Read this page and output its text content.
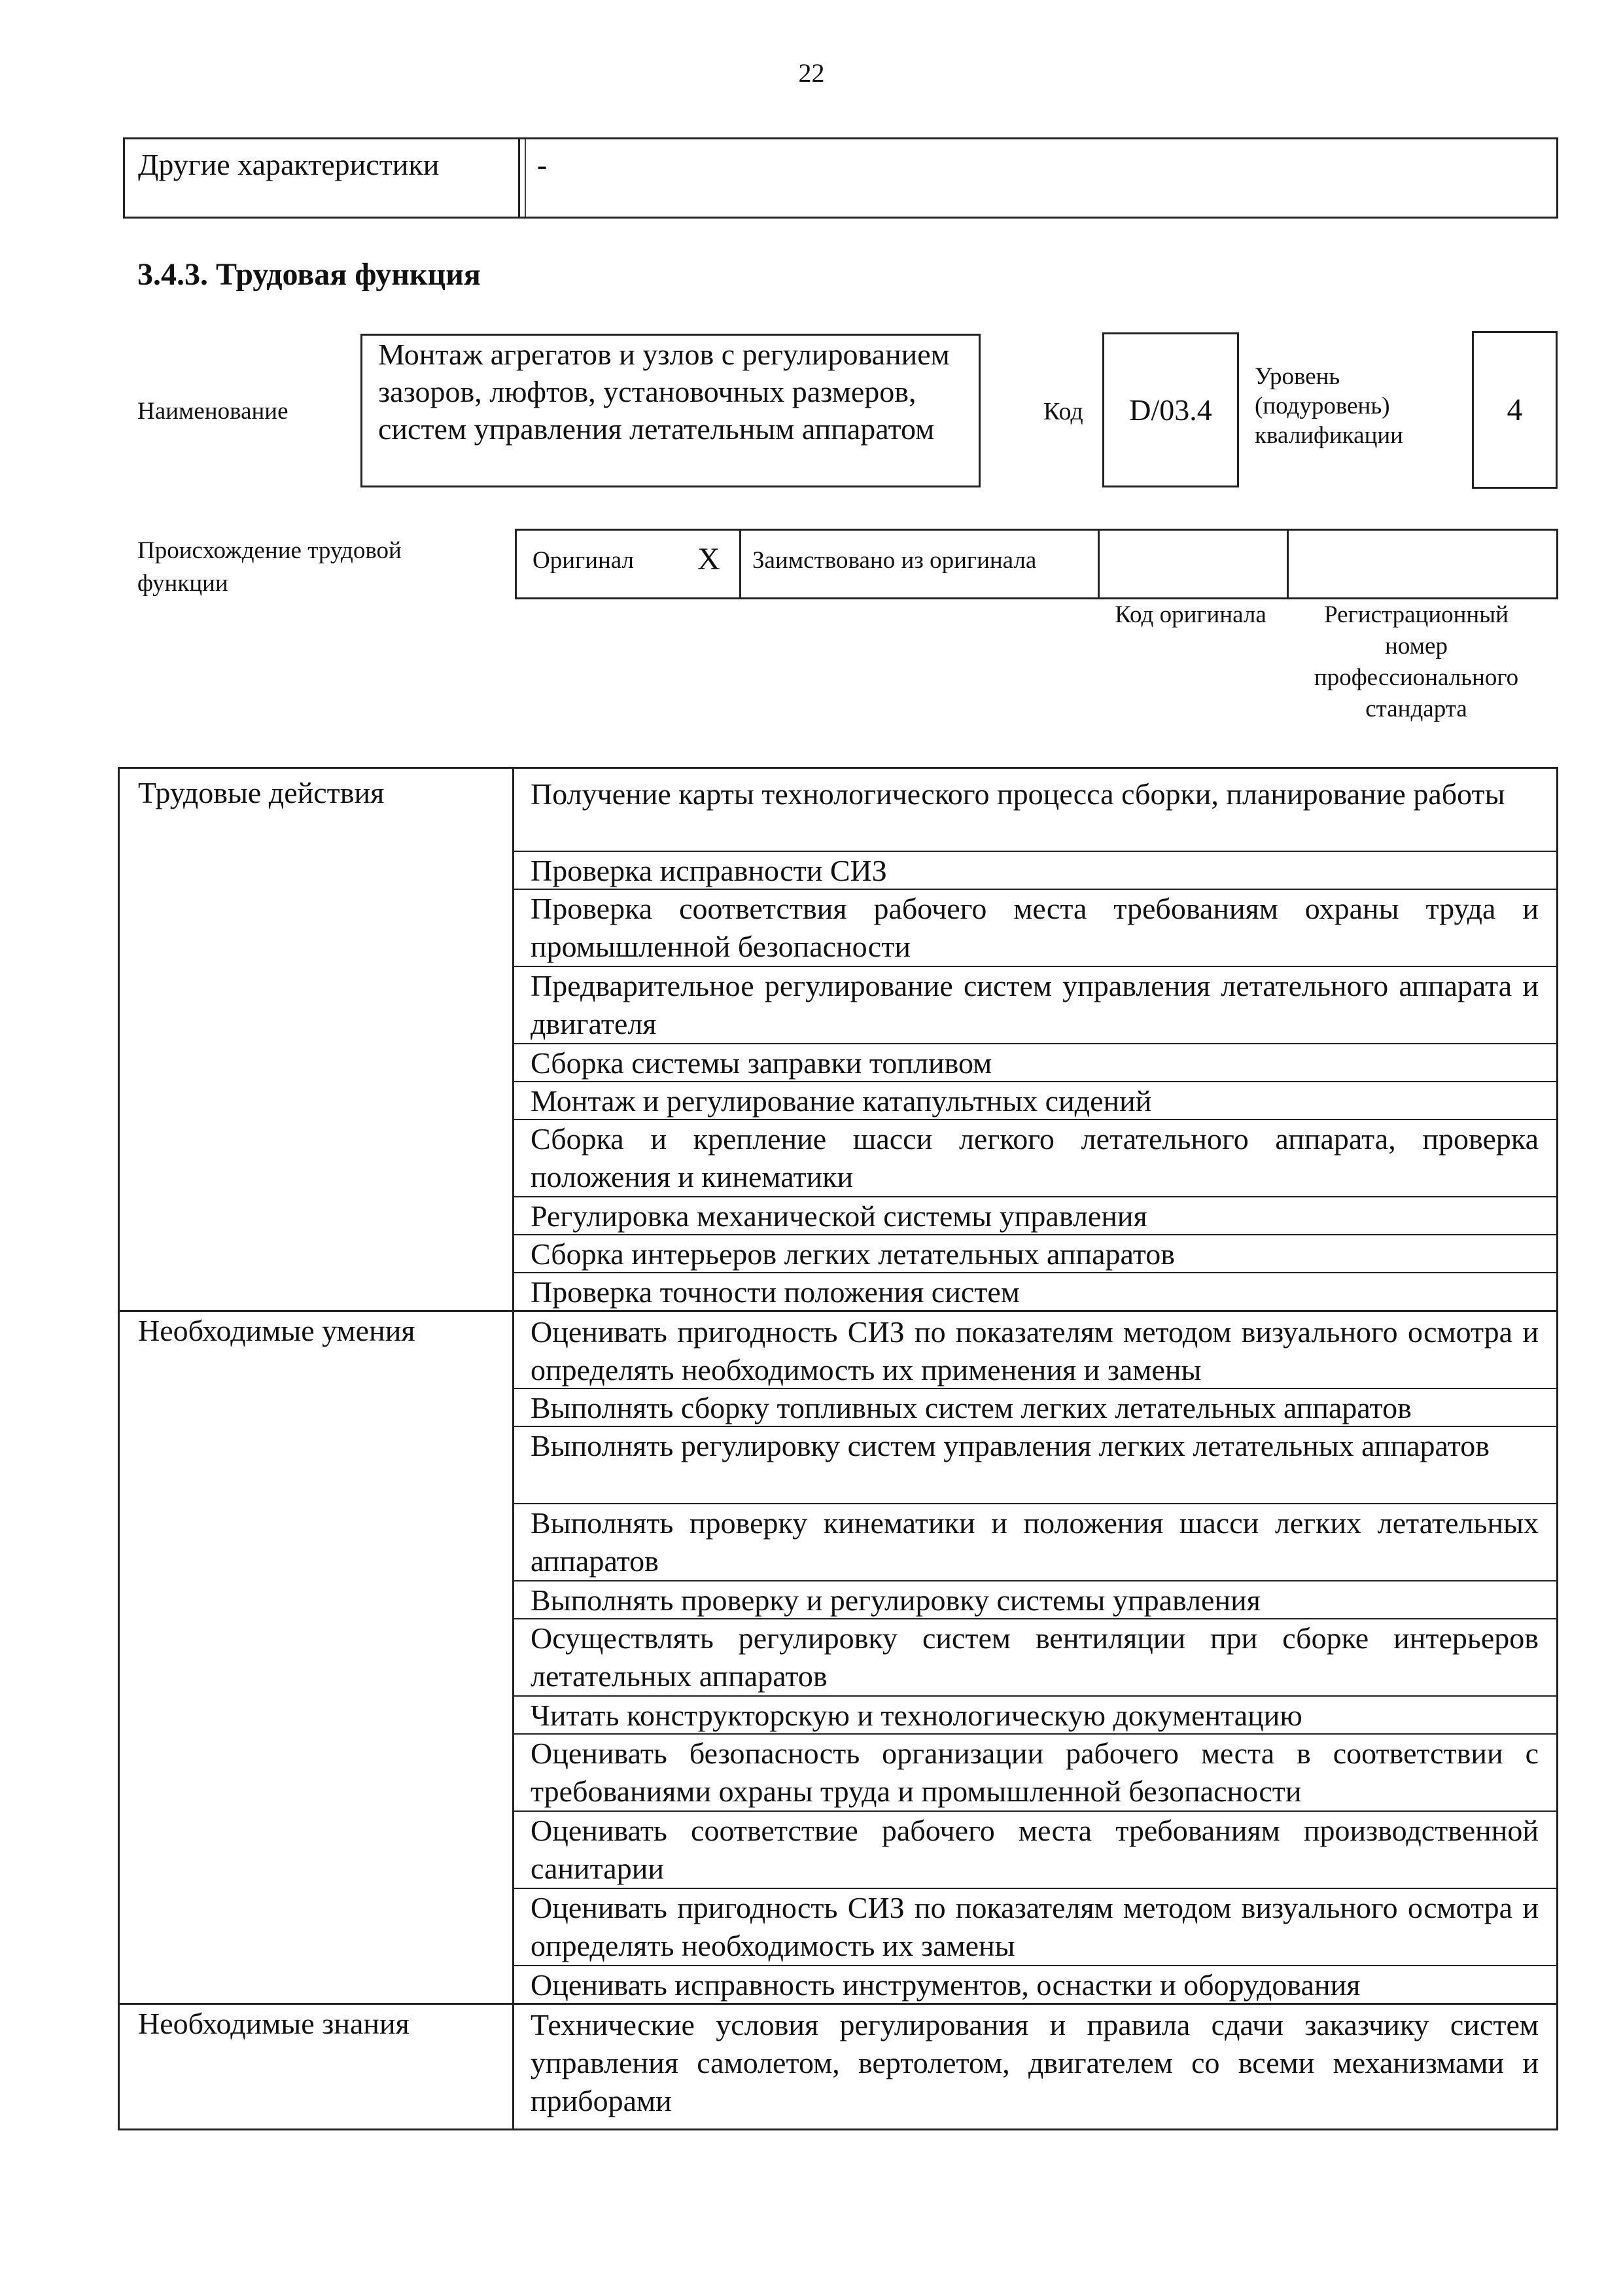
22
Другие характеристики	-
3.4.3. Трудовая функция
Наименование
Монтаж агрегатов и узлов с регулированием зазоров, люфтов, установочных размеров, систем управления летательным аппаратом
Код D/03.4
Уровень (подуровень) квалификации
4
Происхождение трудовой функции
Оригинал X Заимствовано из оригинала
Код оригинала	Регистрационный номер профессионального стандарта
Трудовые действия	Получение карты технологического процесса сборки, планирование работы
Проверка исправности СИЗ
Проверка соответствия рабочего места требованиям охраны труда и промышленной безопасности
Предварительное регулирование систем управления летательного аппарата и двигателя
Сборка системы заправки топливом
Монтаж и регулирование катапультных сидений
Сборка и крепление шасси легкого летательного аппарата, проверка положения и кинематики
Регулировка механической системы управления
Сборка интерьеров легких летательных аппаратов
Проверка точности положения систем
Необходимые умения	Оценивать пригодность СИЗ по показателям методом визуального осмотра и определять необходимость их применения и замены
Выполнять сборку топливных систем легких летательных аппаратов
Выполнять регулировку систем управления легких летательных аппаратов
Выполнять проверку кинематики и положения шасси легких летательных аппаратов
Выполнять проверку и регулировку системы управления
Осуществлять регулировку систем вентиляции при сборке интерьеров летательных аппаратов
Читать конструкторскую и технологическую документацию
Оценивать безопасность организации рабочего места в соответствии с требованиями охраны труда и промышленной безопасности
Оценивать соответствие рабочего места требованиям производственной санитарии
Оценивать пригодность СИЗ по показателям методом визуального осмотра и определять необходимость их замены
Оценивать исправность инструментов, оснастки и оборудования
Необходимые знания	Технические условия регулирования и правила сдачи заказчику систем управления самолетом, вертолетом, двигателем со всеми механизмами и приборами
